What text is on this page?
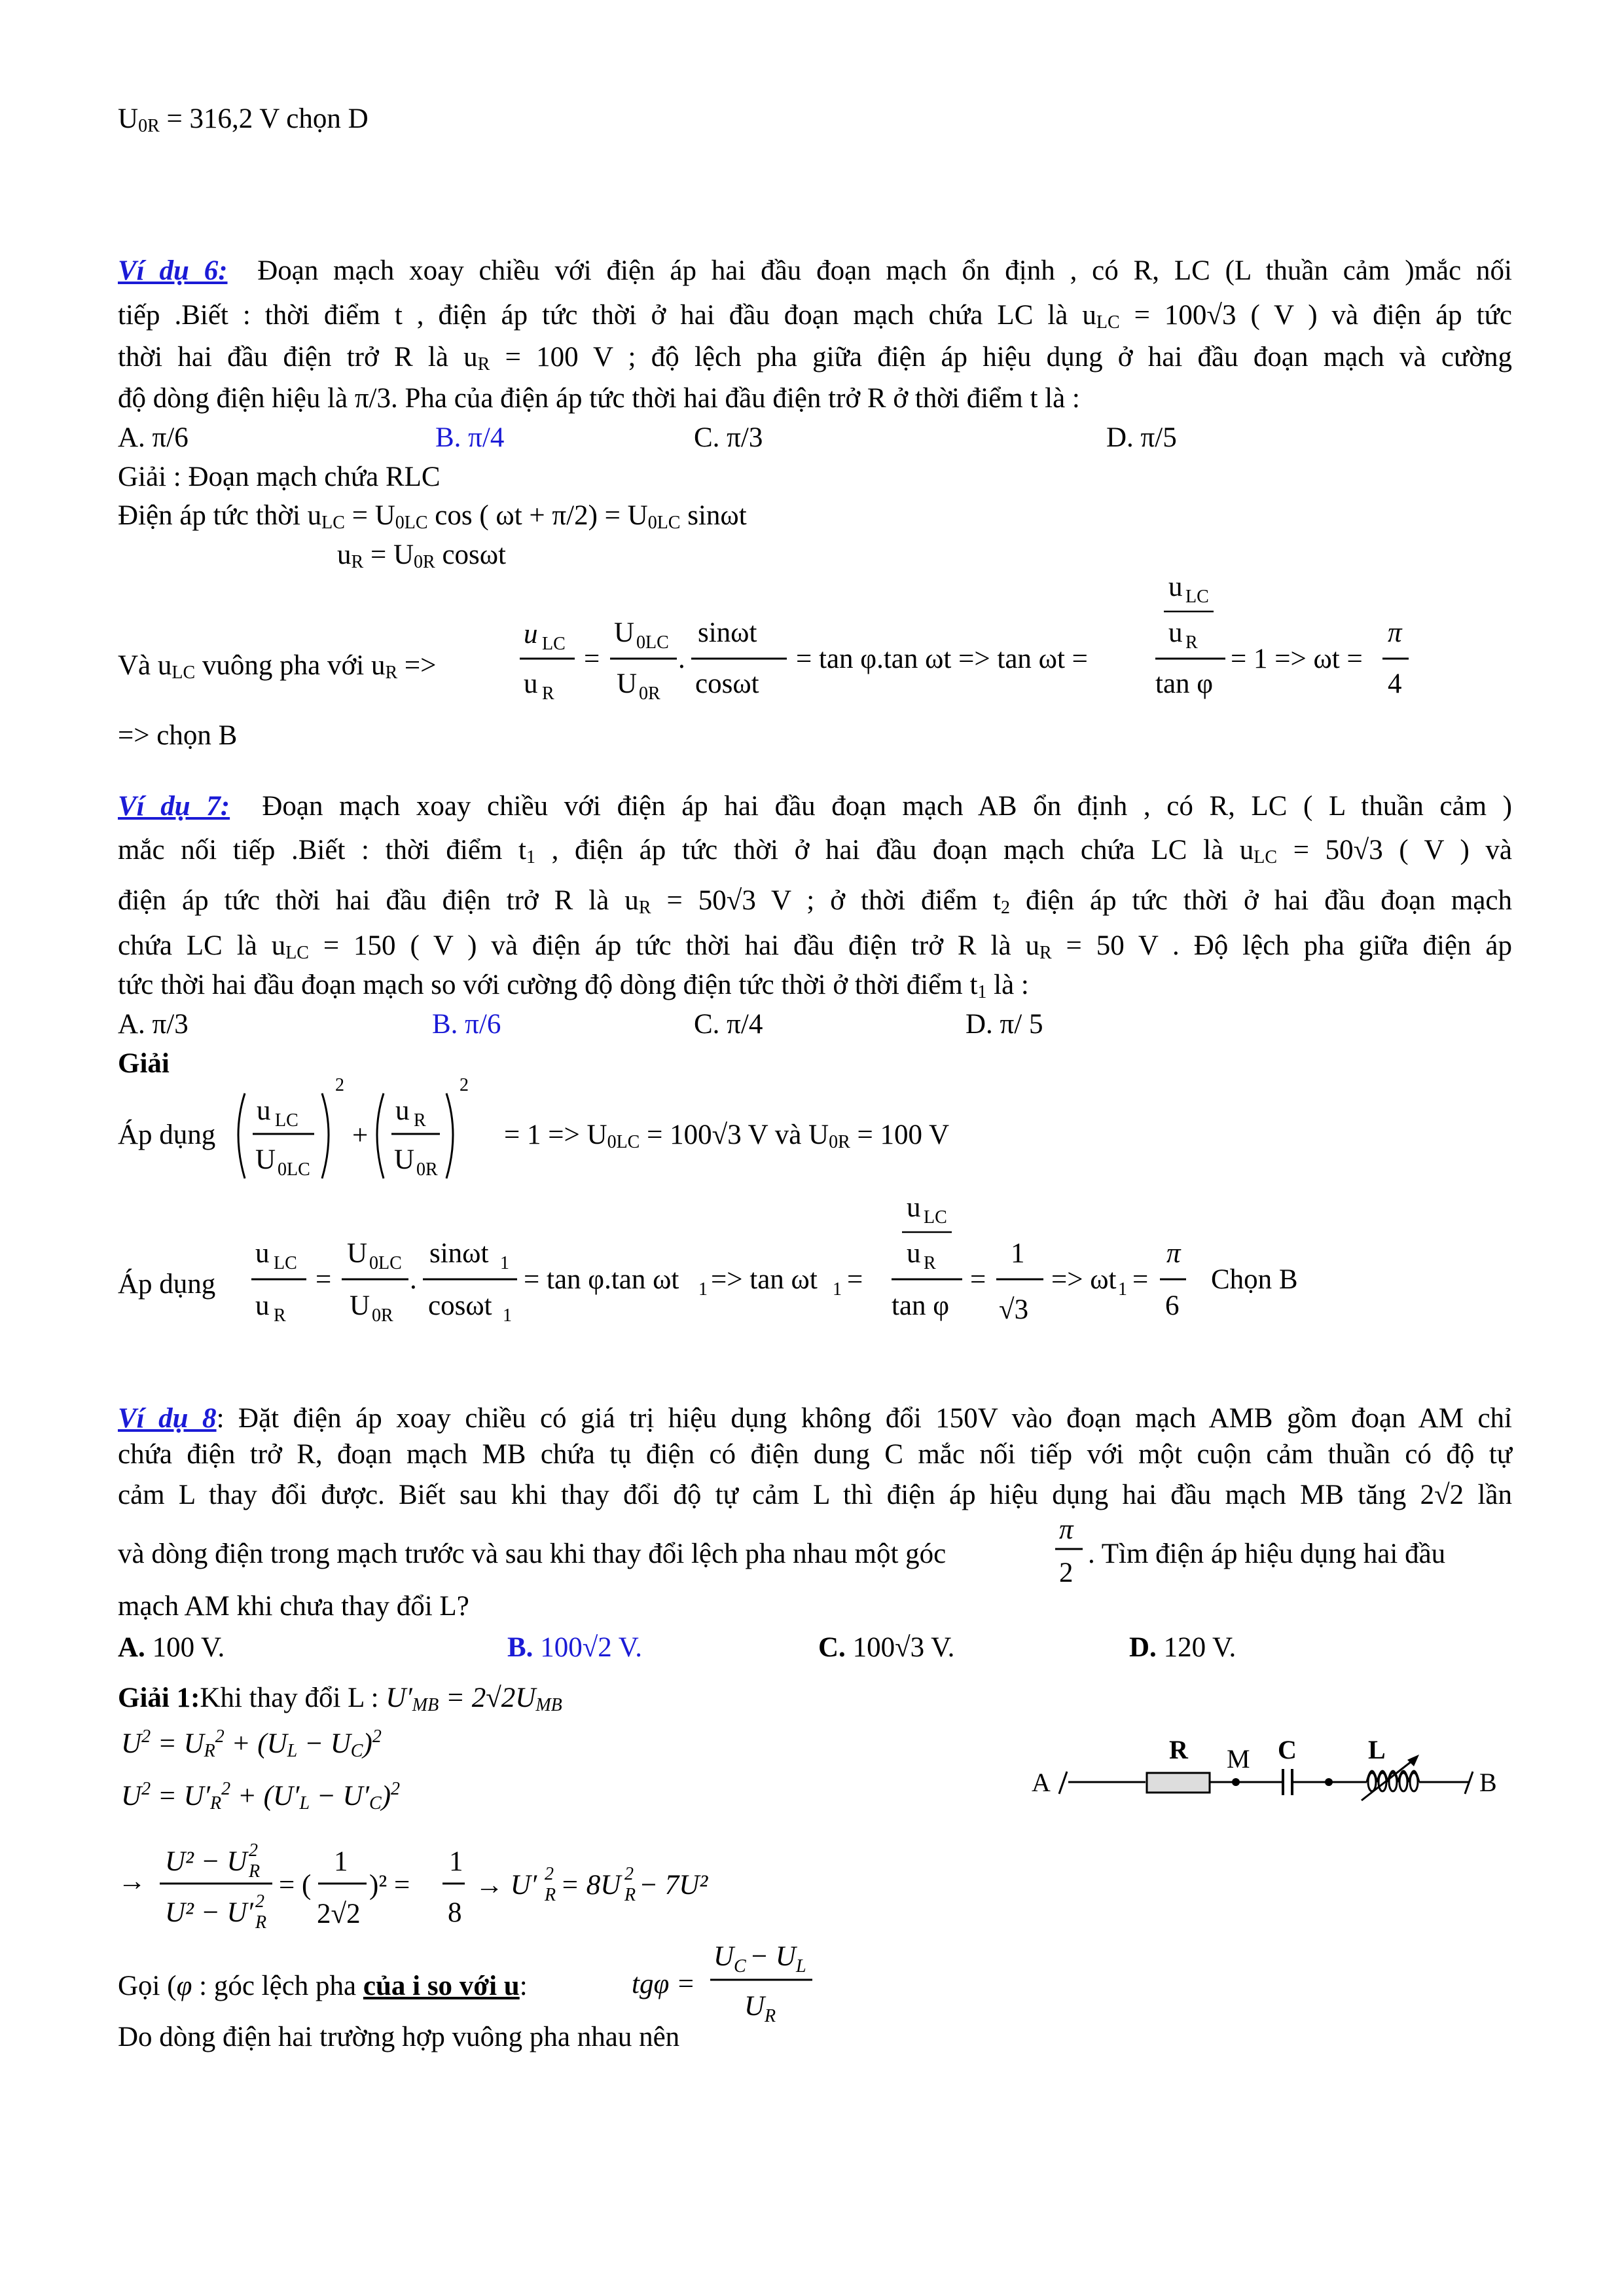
$U_{0R} = 316,2$ V chọn D
Ví dụ 6: Đoạn mạch xoay chiều với điện áp hai đầu đoạn mạch ổn định , có R, LC (L thuần cảm )mắc nối
tiếp .Biết : thời điểm t , điện áp tức thời ở hai đầu đoạn mạch chứa LC là $u_{LC} = 100√3$ ( V ) và điện áp tức
thời hai đầu điện trở R là $u_R = 100$ V ; độ lệch pha giữa điện áp hiệu dụng ở hai đầu đoạn mạch và cường
độ dòng điện hiệu là π/3. Pha của điện áp tức thời hai đầu điện trở R ở thời điểm t là :
A. π/6	B. π/4	C. π/3	D. π/5
Giải : Đoạn mạch chứa RLC
Điện áp tức thời $u_{LC} = U_{0LC}$ cos ( $\omega t + \pi/2) = U_{0LC}$ sinωt
$u_R = U_{0R}$ cosωt
Và $u_{LC}$ vuông pha với $u_R$ =>
u LC
u R
=
U 0LC
U 0R
.
sinωt
cosωt
= tan φ.tan ωt => tan ωt =
u LC
u R
tan φ
= 1 => ωt =
π
4
=> chọn B
Ví dụ 7: Đoạn mạch xoay chiều với điện áp hai đầu đoạn mạch AB ổn định , có R, LC ( L thuần cảm )
mắc nối tiếp .Biết : thời điểm $t_1$ , điện áp tức thời ở hai đầu đoạn mạch chứa LC là $u_{LC} = 50√3$ ( V ) và
điện áp tức thời hai đầu điện trở R là $u_R = 50√3$ V ; ở thời điểm $t_2$ điện áp tức thời ở hai đầu đoạn mạch
chứa LC là $u_{LC} = 150$ ( V ) và điện áp tức thời hai đầu điện trở R là $u_R = 50$ V . Độ lệch pha giữa điện áp
tức thời hai đầu đoạn mạch so với cường độ dòng điện tức thời ở thời điểm $t_1$ là :
A. π/3	B. π/6	C. π/4	D. π/ 5
Giải
Áp dụng
u LC
U 0LC
2
+
u R
U 0R
2
= $1 => U_{0LC} = 100√3$ V và $U_{0R} = 100$ V
Áp dụng
u LC
u R
=
U 0LC
U 0R
.
sinωt 1
cosωt 1
= tan φ.tan ωt 1 => tan ωt 1 =
u LC
u R
tan φ
=
1
√3
=> ωt 1 =
π
6
Chọn B
Ví dụ 8: Đặt điện áp xoay chiều có giá trị hiệu dụng không đổi 150V vào đoạn mạch AMB gồm đoạn AM chỉ
chứa điện trở R, đoạn mạch MB chứa tụ điện có điện dung C mắc nối tiếp với một cuộn cảm thuần có độ tự
cảm L thay đổi được. Biết sau khi thay đổi độ tự cảm L thì điện áp hiệu dụng hai đầu mạch MB tăng 2√2 lần
và dòng điện trong mạch trước và sau khi thay đổi lệch pha nhau một góc
π
2
. Tìm điện áp hiệu dụng hai đầu
mạch AM khi chưa thay đổi L?
A. 100 V.	B. 100√2 V.	C. 100√3 V.	D. 120 V.
Giải 1:Khi thay đổi L : $U'_{MB} = 2√2U_{MB}$
$U^2 = U_R^2 + (U_L - U_C)^2$
$U^2 = U'_R^2 + (U'_L - U'_C)^2$
→
U² − U 2
R
U² − U′ 2
R
= (
1
2√2
)² =
1
8
→ U′ 2
R = 8U 2
R − 7U²
Gọi (φ : góc lệch pha của i so với u:	tgφ =
U C − U L
U R
Do dòng điện hai trường hợp vuông pha nhau nên
A
R M C	L
B
